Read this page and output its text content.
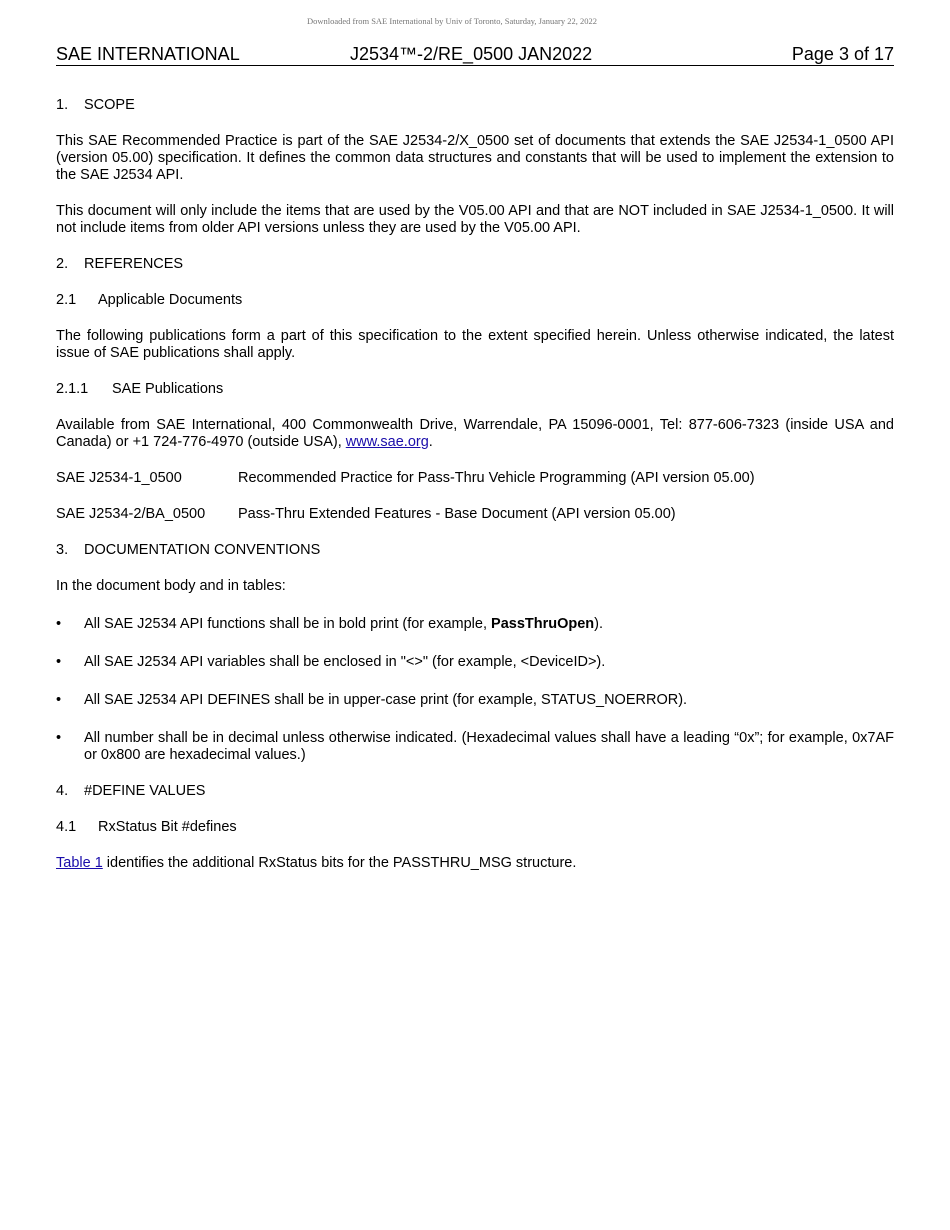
Downloaded from SAE International by Univ of Toronto, Saturday, January 22, 2022
SAE INTERNATIONAL	J2534™-2/RE_0500 JAN2022	Page 3 of 17
1. SCOPE
This SAE Recommended Practice is part of the SAE J2534-2/X_0500 set of documents that extends the SAE J2534-1_0500 API (version 05.00) specification. It defines the common data structures and constants that will be used to implement the extension to the SAE J2534 API.
This document will only include the items that are used by the V05.00 API and that are NOT included in SAE J2534-1_0500. It will not include items from older API versions unless they are used by the V05.00 API.
2. REFERENCES
2.1 Applicable Documents
The following publications form a part of this specification to the extent specified herein. Unless otherwise indicated, the latest issue of SAE publications shall apply.
2.1.1 SAE Publications
Available from SAE International, 400 Commonwealth Drive, Warrendale, PA 15096-0001, Tel: 877-606-7323 (inside USA and Canada) or +1 724-776-4970 (outside USA), www.sae.org.
SAE J2534-1_0500	Recommended Practice for Pass-Thru Vehicle Programming (API version 05.00)
SAE J2534-2/BA_0500 Pass-Thru Extended Features - Base Document (API version 05.00)
3. DOCUMENTATION CONVENTIONS
In the document body and in tables:
• All SAE J2534 API functions shall be in bold print (for example, PassThruOpen).
• All SAE J2534 API variables shall be enclosed in "<>" (for example, <DeviceID>).
• All SAE J2534 API DEFINES shall be in upper-case print (for example, STATUS_NOERROR).
• All number shall be in decimal unless otherwise indicated. (Hexadecimal values shall have a leading “0x”; for example, 0x7AF or 0x800 are hexadecimal values.)
4. #DEFINE VALUES
4.1 RxStatus Bit #defines
Table 1 identifies the additional RxStatus bits for the PASSTHRU_MSG structure.
